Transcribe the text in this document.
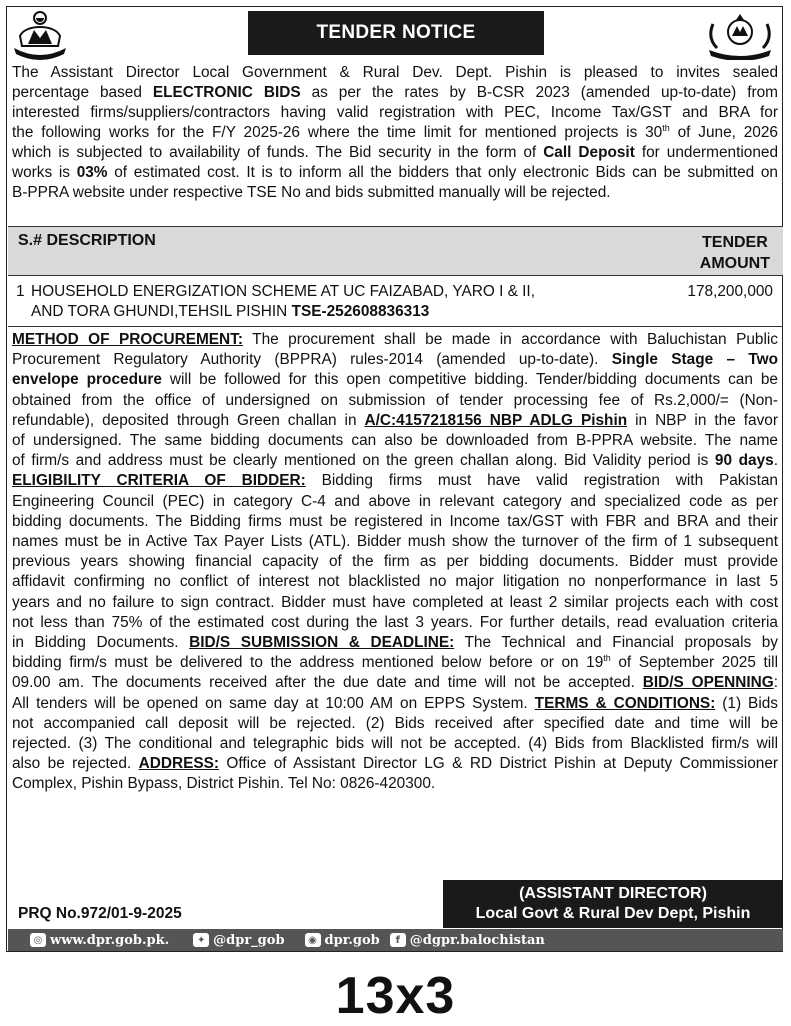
TENDER NOTICE
The Assistant Director Local Government & Rural Dev. Dept. Pishin is pleased to invites sealed
percentage based ELECTRONIC BIDS as per the rates by B-CSR 2023 (amended up-to-date) from
interested firms/suppliers/contractors having valid registration with PEC, Income Tax/GST and BRA for
the following works for the F/Y 2025-26 where the time limit for mentioned projects is 30th of June, 2026
which is subjected to availability of funds. The Bid security in the form of Call Deposit for undermentioned
works is 03% of estimated cost. It is to inform all the bidders that only electronic Bids can be submitted on
B-PPRA website under respective TSE No and bids submitted manually will be rejected.
S.# DESCRIPTION	TENDER
AMOUNT
1 HOUSEHOLD ENERGIZATION SCHEME AT UC FAIZABAD, YARO I & II,
AND TORA GHUNDI,TEHSIL PISHIN TSE-252608836313
178,200,000
METHOD OF PROCUREMENT: The procurement shall be made in accordance with Baluchistan Public
Procurement Regulatory Authority (BPPRA) rules-2014 (amended up-to-date). Single Stage – Two
envelope procedure will be followed for this open competitive bidding. Tender/bidding documents can be
obtained from the office of undersigned on submission of tender processing fee of Rs.2,000/= (Non-
refundable), deposited through Green challan in A/C:4157218156 NBP ADLG Pishin in NBP in the favor
of undersigned. The same bidding documents can also be downloaded from B-PPRA website. The name
of firm/s and address must be clearly mentioned on the green challan along. Bid Validity period is 90 days.
ELIGIBILITY CRITERIA OF BIDDER: Bidding firms must have valid registration with Pakistan
Engineering Council (PEC) in category C-4 and above in relevant category and specialized code as per
bidding documents. The Bidding firms must be registered in Income tax/GST with FBR and BRA and their
names must be in Active Tax Payer Lists (ATL). Bidder mush show the turnover of the firm of 1 subsequent
previous years showing financial capacity of the firm as per bidding documents. Bidder must provide
affidavit confirming no conflict of interest not blacklisted no major litigation no nonperformance in last 5
years and no failure to sign contract. Bidder must have completed at least 2 similar projects each with cost
not less than 75% of the estimated cost during the last 3 years. For further details, read evaluation criteria
in Bidding Documents. BID/S SUBMISSION & DEADLINE: The Technical and Financial proposals by
bidding firm/s must be delivered to the address mentioned below before or on 19th of September 2025 till
09.00 am. The documents received after the due date and time will not be accepted. BID/S OPENNING:
All tenders will be opened on same day at 10:00 AM on EPPS System. TERMS & CONDITIONS: (1) Bids
not accompanied call deposit will be rejected. (2) Bids received after specified date and time will be
rejected. (3) The conditional and telegraphic bids will not be accepted. (4) Bids from Blacklisted firm/s will
also be rejected. ADDRESS: Office of Assistant Director LG & RD District Pishin at Deputy Commissioner
Complex, Pishin Bypass, District Pishin. Tel No: 0826-420300.
PRQ No.972/01-9-2025
(ASSISTANT DIRECTOR)
Local Govt & Rural Dev Dept, Pishin
◎ www.dpr.gob.pk.	✦ @dpr_gob	◉ dpr.gob	f @dgpr.balochistan
13x3
